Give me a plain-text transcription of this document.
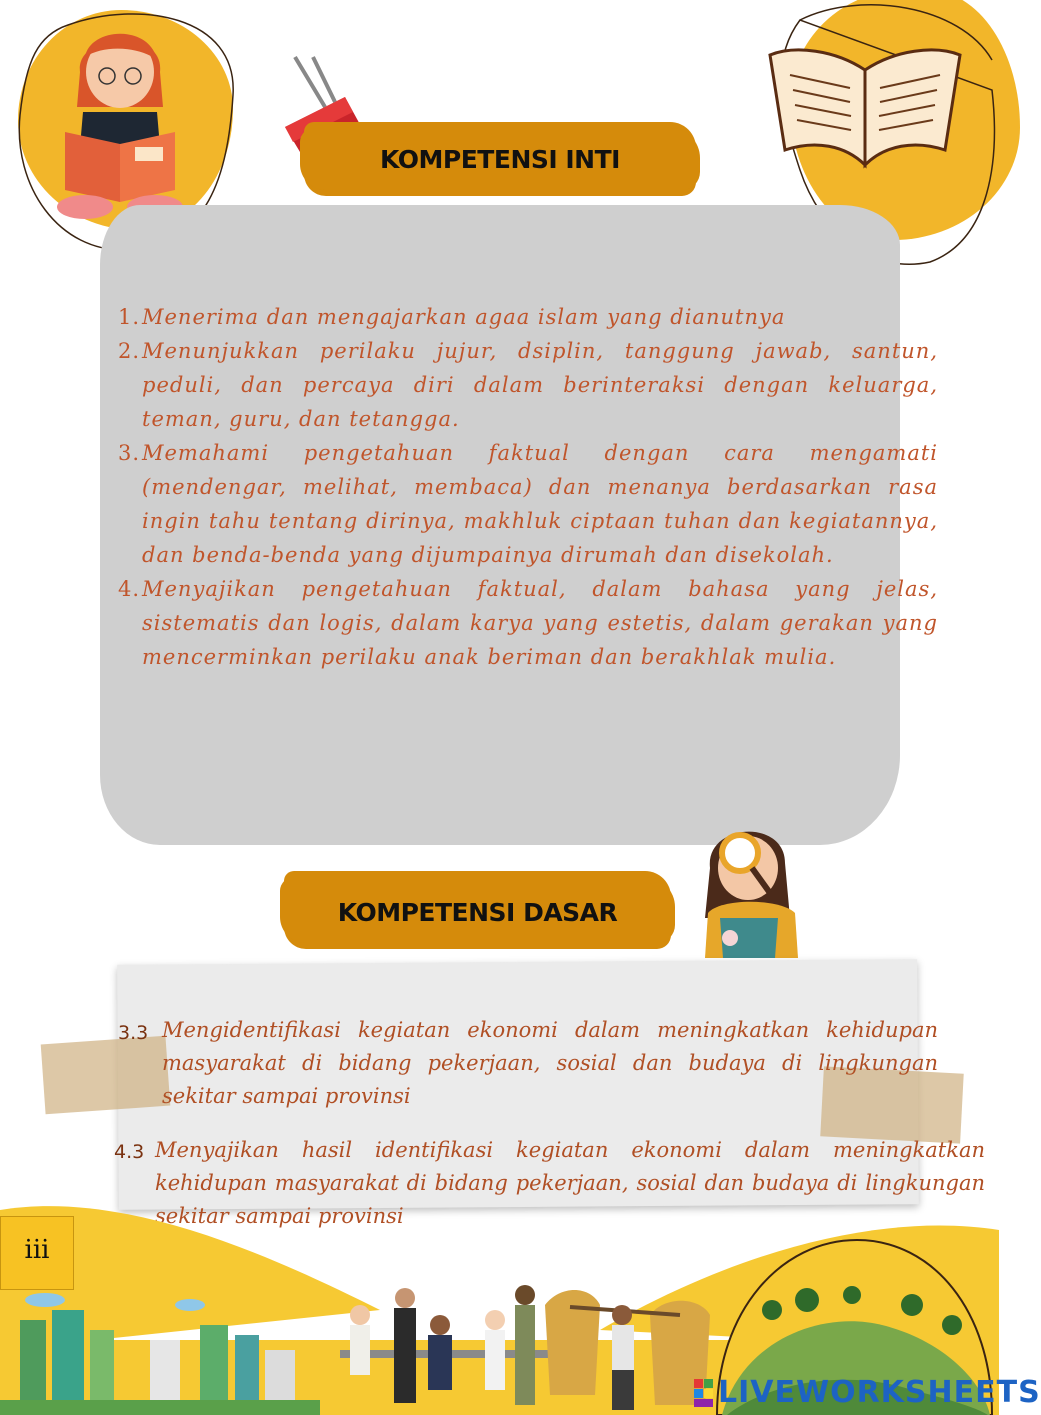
KOMPETENSI INTI
1. Menerima dan mengajarkan agaa islam yang dianutnya
2. Menunjukkan perilaku jujur, dsiplin, tanggung jawab, santun, peduli, dan percaya diri dalam berinteraksi dengan keluarga, teman, guru, dan tetangga.
3. Memahami pengetahuan faktual dengan cara mengamati (mendengar, melihat, membaca) dan menanya berdasarkan rasa ingin tahu tentang dirinya, makhluk ciptaan tuhan dan kegiatannya, dan benda-benda yang dijumpainya dirumah dan disekolah.
4. Menyajikan pengetahuan faktual, dalam bahasa yang jelas, sistematis dan logis, dalam karya yang estetis, dalam gerakan yang mencerminkan perilaku anak beriman dan berakhlak mulia.
KOMPETENSI DASAR
3.3 Mengidentifikasi kegiatan ekonomi dalam meningkatkan kehidupan masyarakat di bidang pekerjaan, sosial dan budaya di lingkungan sekitar sampai provinsi
4.3 Menyajikan hasil identifikasi kegiatan ekonomi dalam meningkatkan kehidupan masyarakat di bidang pekerjaan, sosial dan budaya di lingkungan sekitar sampai provinsi
iii
LIVEWORKSHEETS
